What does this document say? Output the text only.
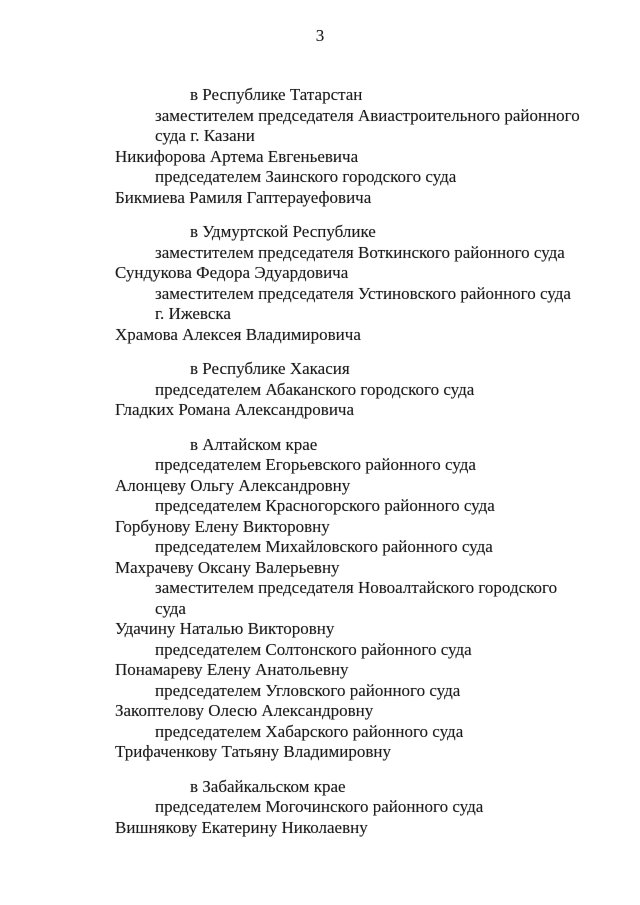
3
в Республике Татарстан
заместителем председателя Авиастроительного районного
суда г. Казани
Никифорова Артема Евгеньевича
председателем Заинского городского суда
Бикмиева Рамиля Гаптерауефовича
в Удмуртской Республике
заместителем председателя Воткинского районного суда
Сундукова Федора Эдуардовича
заместителем председателя Устиновского районного суда
г. Ижевска
Храмова Алексея Владимировича
в Республике Хакасия
председателем Абаканского городского суда
Гладких Романа Александровича
в Алтайском крае
председателем Егорьевского районного суда
Алонцеву Ольгу Александровну
председателем Красногорского районного суда
Горбунову Елену Викторовну
председателем Михайловского районного суда
Махрачеву Оксану Валерьевну
заместителем председателя Новоалтайского городского
суда
Удачину Наталью Викторовну
председателем Солтонского районного суда
Понамареву Елену Анатольевну
председателем Угловского районного суда
Закоптелову Олесю Александровну
председателем Хабарского районного суда
Трифаченкову Татьяну Владимировну
в Забайкальском крае
председателем Могочинского районного суда
Вишнякову Екатерину Николаевну
